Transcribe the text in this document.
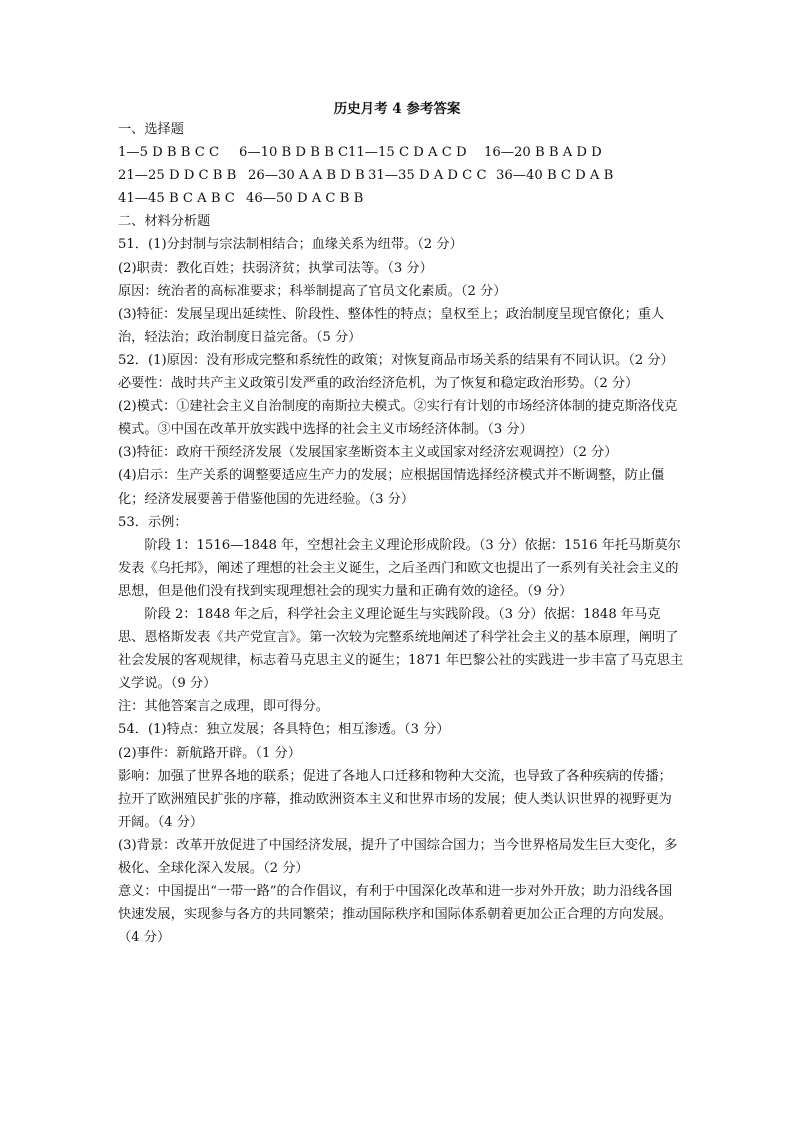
历史月考 4 参考答案
一、选择题
1—5 D B B C C	6—10 B D B B C 11—15 C D A C D	16—20 B B A D D
21—25 D D C B B 26—30 A A B D B 31—35 D A D C C 36—40 B C D A B
41—45 B C A B C 46—50 D A C B B
二、材料分析题
51．(1)分封制与宗法制相结合；血缘关系为纽带。（2 分）
(2)职责：教化百姓；扶弱济贫；执掌司法等。（3 分）
原因：统治者的高标准要求；科举制提高了官员文化素质。（2 分）
(3)特征：发展呈现出延续性、阶段性、整体性的特点；皇权至上；政治制度呈现官僚化；重人治，轻法治；政治制度日益完备。（5 分）
52．(1)原因：没有形成完整和系统性的政策；对恢复商品市场关系的结果有不同认识。（2 分）
必要性：战时共产主义政策引发严重的政治经济危机，为了恢复和稳定政治形势。（2 分）
(2)模式：①建社会主义自治制度的南斯拉夫模式。②实行有计划的市场经济体制的捷克斯洛伐克模式。③中国在改革开放实践中选择的社会主义市场经济体制。（3 分）
(3)特征：政府干预经济发展（发展国家垄断资本主义或国家对经济宏观调控）（2 分）
(4)启示：生产关系的调整要适应生产力的发展；应根据国情选择经济模式并不断调整，防止僵化；经济发展要善于借鉴他国的先进经验。（3 分）
53．示例：
阶段 1：1516—1848 年，空想社会主义理论形成阶段。（3 分）依据：1516 年托马斯莫尔发表《乌托邦》，阐述了理想的社会主义诞生，之后圣西门和欧文也提出了一系列有关社会主义的思想，但是他们没有找到实现理想社会的现实力量和正确有效的途径。（9 分）
阶段 2：1848 年之后，科学社会主义理论诞生与实践阶段。（3 分）依据：1848 年马克思、恩格斯发表《共产党宣言》。第一次较为完整系统地阐述了科学社会主义的基本原理，阐明了社会发展的客观规律，标志着马克思主义的诞生；1871 年巴黎公社的实践进一步丰富了马克思主义学说。（9 分）
注：其他答案言之成理，即可得分。
54．(1)特点：独立发展；各具特色；相互渗透。（3 分）
(2)事件：新航路开辟。（1 分）
影响：加强了世界各地的联系；促进了各地人口迁移和物种大交流，也导致了各种疾病的传播；拉开了欧洲殖民扩张的序幕，推动欧洲资本主义和世界市场的发展；使人类认识世界的视野更为开阔。（4 分）
(3)背景：改革开放促进了中国经济发展，提升了中国综合国力；当今世界格局发生巨大变化，多极化、全球化深入发展。（2 分）
意义：中国提出“一带一路”的合作倡议，有利于中国深化改革和进一步对外开放；助力沿线各国快速发展，实现参与各方的共同繁荣；推动国际秩序和国际体系朝着更加公正合理的方向发展。（4 分）
